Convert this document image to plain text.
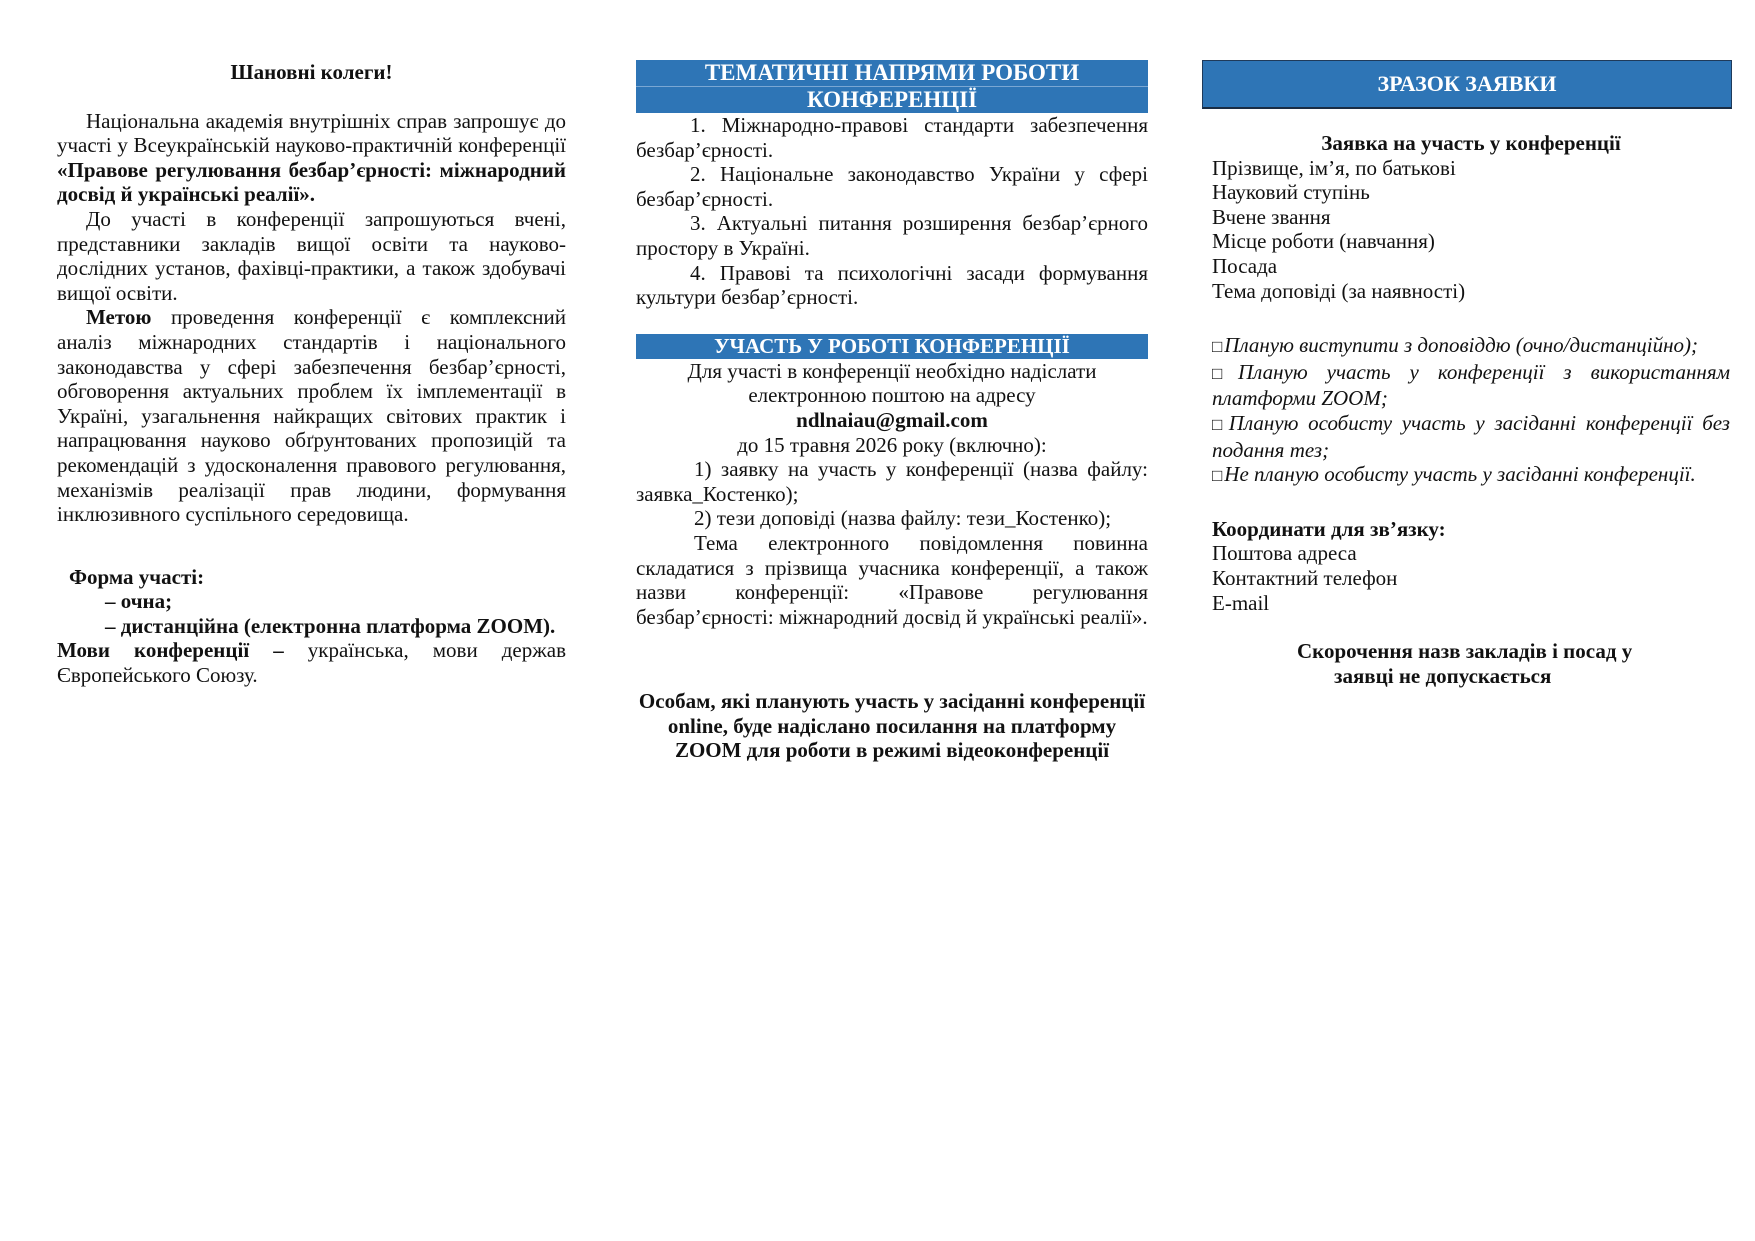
Шановні колеги!

Національна академія внутрішніх справ запрошує до участі у Всеукраїнській науково-практичній конференції «Правове регулювання безбар’єрності: міжнародний досвід й українські реалії».

До участі в конференції запрошуються вчені, представники закладів вищої освіти та науково-дослідних установ, фахівці-практики, а також здобувачі вищої освіти.

Метою проведення конференції є комплексний аналіз міжнародних стандартів і національного законодавства у сфері забезпечення безбар’єрності, обговорення актуальних проблем їх імплементації в Україні, узагальнення найкращих світових практик і напрацювання науково обґрунтованих пропозицій та рекомендацій з удосконалення правового регулювання, механізмів реалізації прав людини, формування інклюзивного суспільного середовища.

Форма участі:

– очна;

– дистанційна (електронна платформа ZOOM).

Мови конференції – українська, мови держав Європейського Союзу.

ТЕМАТИЧНІ НАПРЯМИ РОБОТИ
КОНФЕРЕНЦІЇ

1. Міжнародно-правові стандарти забезпечення безбар’єрності.

2. Національне законодавство України у сфері безбар’єрності.

3. Актуальні питання розширення безбар’єрного простору в Україні.

4. Правові та психологічні засади формування культури безбар’єрності.

УЧАСТЬ У РОБОТІ КОНФЕРЕНЦІЇ

Для участі в конференції необхідно надіслати

електронною поштою на адресу

ndlnaiau@gmail.com

до 15 травня 2026 року (включно):

1) заявку на участь у конференції (назва файлу: заявка_Костенко);

2) тези доповіді (назва файлу: тези_Костенко);

Тема електронного повідомлення повинна складатися з прізвища учасника конференції, а також назви конференції: «Правове регулювання безбар’єрності: міжнародний досвід й українські реалії».

Особам, які планують участь у засіданні конференції online, буде надіслано посилання на платформу ZOOM для роботи в режимі відеоконференції

ЗРАЗОК ЗАЯВКИ

Заявка на участь у конференції

Прізвище, ім’я, по батькові

Науковий ступінь

Вчене звання

Місце роботи (навчання)

Посада

Тема доповіді (за наявності)

□Планую виступити з доповіддю (очно/дистанційно);

□Планую участь у конференції з використанням платформи ZOOM;

□Планую особисту участь у засіданні конференції без подання тез;

□Не планую особисту участь у засіданні конференції.

Координати для зв’язку:

Поштова адреса

Контактний телефон

E-mail

Скорочення назв закладів і посад у

заявці не допускається
